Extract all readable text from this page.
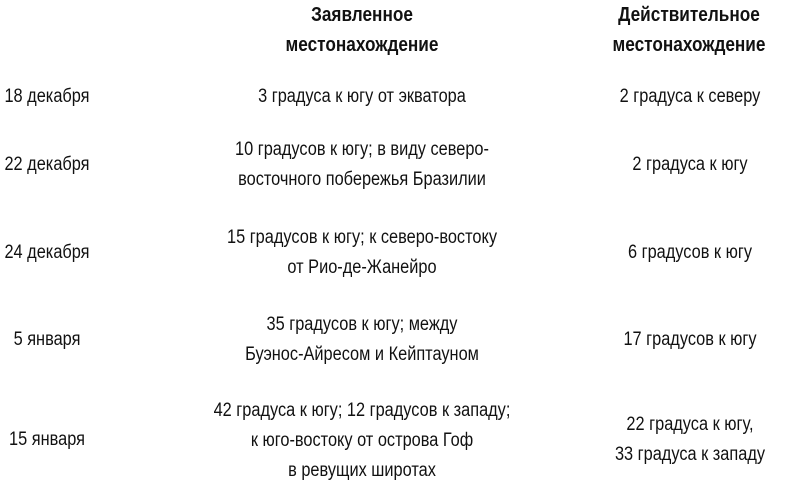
Заявленное
местонахождение
Действительное
местонахождение
18 декабря	3 градуса к югу от экватора	2 градуса к северу
22 декабря
10 градусов к югу; в виду северо-
восточного побережья Бразилии
2 градуса к югу
24 декабря
15 градусов к югу; к северо-востоку
от Рио-де-Жанейро
6 градусов к югу
5 января
35 градусов к югу; между
Буэнос-Айресом и Кейптауном
17 градусов к югу
15 января
42 градуса к югу; 12 градусов к западу;
к юго-востоку от острова Гоф
в ревущих широтах
22 градуса к югу,
33 градуса к западу
